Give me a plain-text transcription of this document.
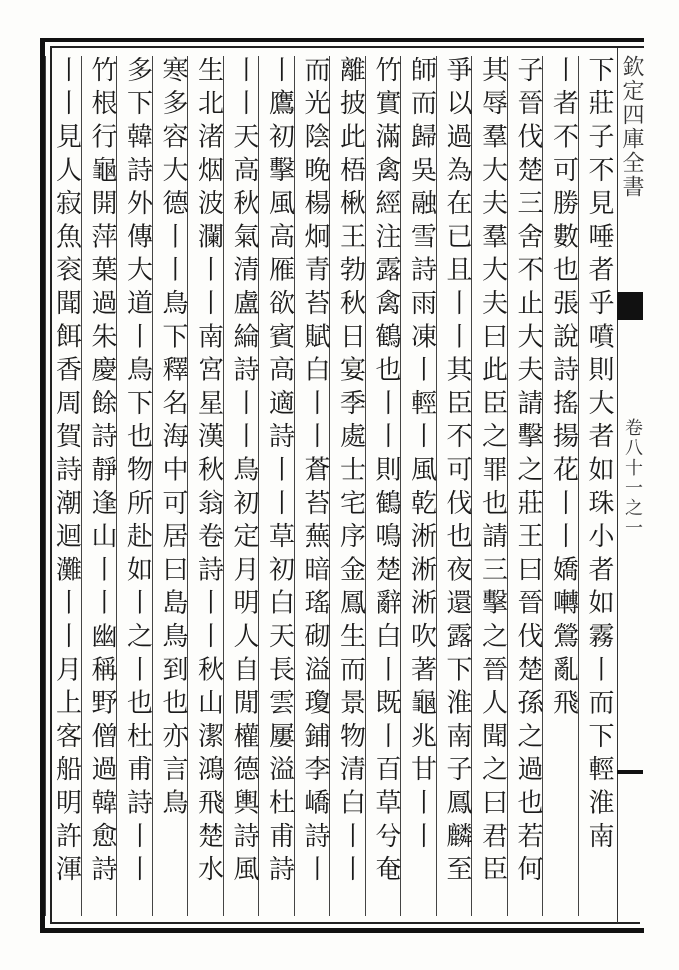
欽定四庫全書
卷八十一之一
下莊子不見唾者乎噴則大者如珠小者如霧丨而下輕淮南
丨者不可勝數也張說詩搖揚花丨丨嬌囀鶯亂飛
子晉伐楚三舍不止大夫請擊之莊王曰晉伐楚孫之過也若何
其辱羣大夫羣大夫曰此臣之罪也請三擊之晉人聞之曰君臣
爭以過為在已且丨丨其臣不可伐也夜還露下淮南子鳳麟至
師而歸吳融雪詩雨凍丨輕丨風乾淅淅淅吹著龜兆甘丨丨
竹實滿禽經注露禽鶴也丨丨則鶴鳴楚辭白丨既丨百草兮奄
離披此梧楸王勃秋日宴季處士宅序金鳳生而景物清白丨丨
而光陰晚楊炯青苔賦白丨丨蒼苔蕪暗瑤砌溢瓊鋪李嶠詩丨
丨鷹初擊風高雁欲賓高適詩丨丨草初白天長雲屢溢杜甫詩
丨丨天高秋氣清盧綸詩丨丨鳥初定月明人自閒權德輿詩風
生北渚烟波瀾丨丨南宮星漢秋翁卷詩丨丨秋山潔鴻飛楚水
寒多容大德丨丨鳥下釋名海中可居曰島鳥到也亦言鳥
多下韓詩外傳大道丨鳥下也物所赴如丨之丨也杜甫詩丨丨
竹根行龜開萍葉過朱慶餘詩靜逢山丨丨幽稱野僧過韓愈詩
丨丨見人寂魚衮聞餌香周賀詩潮迴灘丨丨月上客船明許渾
